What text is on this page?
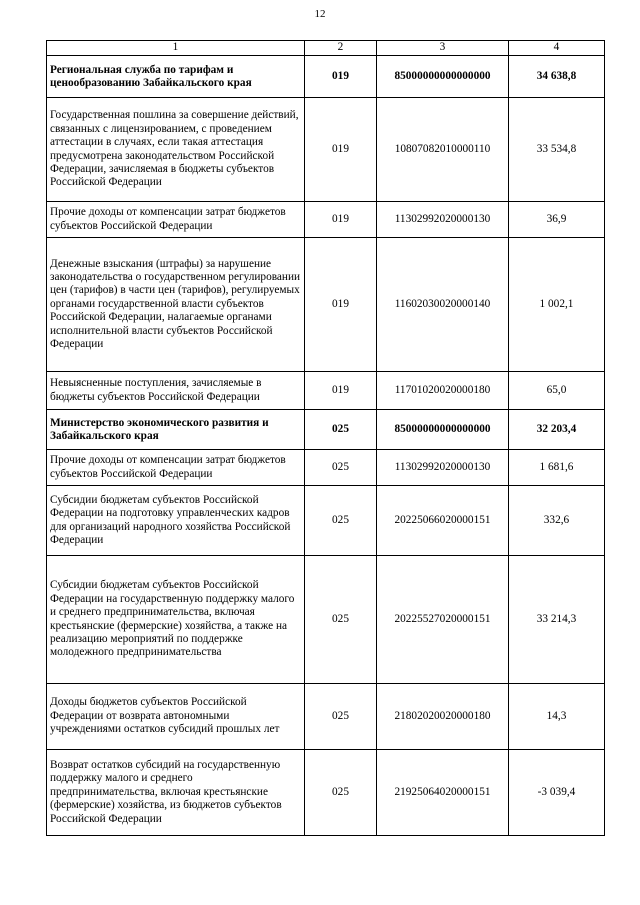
12
1	2	3	4
Региональная служба по тарифам и ценообразованию Забайкальского края	019	85000000000000000	34 638,8
Государственная пошлина за совершение действий, связанных с лицензированием, с проведением аттестации в случаях, если такая аттестация предусмотрена законодательством Российской Федерации, зачисляемая в бюджеты субъектов Российской Федерации	019	10807082010000110	33 534,8
Прочие доходы от компенсации затрат бюджетов субъектов Российской Федерации	019	11302992020000130	36,9
Денежные взыскания (штрафы) за нарушение законодательства о государственном регулировании цен (тарифов) в части цен (тарифов), регулируемых органами государственной власти субъектов Российской Федерации, налагаемые органами исполнительной власти субъектов Российской Федерации	019	11602030020000140	1 002,1
Невыясненные поступления, зачисляемые в бюджеты субъектов Российской Федерации	019	11701020020000180	65,0
Министерство экономического развития и Забайкальского края	025	85000000000000000	32 203,4
Прочие доходы от компенсации затрат бюджетов субъектов Российской Федерации	025	11302992020000130	1 681,6
Субсидии бюджетам субъектов Российской Федерации на подготовку управленческих кадров для организаций народного хозяйства Российской Федерации	025	20225066020000151	332,6
Субсидии бюджетам субъектов Российской Федерации на государственную поддержку малого и среднего предпринимательства, включая крестьянские (фермерские) хозяйства, а также на реализацию мероприятий по поддержке молодежного предпринимательства	025	20225527020000151	33 214,3
Доходы бюджетов субъектов Российской Федерации от возврата автономными учреждениями остатков субсидий прошлых лет	025	21802020020000180	14,3
Возврат остатков субсидий на государственную поддержку малого и среднего предпринимательства, включая крестьянские (фермерские) хозяйства, из бюджетов субъектов Российской Федерации	025	21925064020000151	-3 039,4
